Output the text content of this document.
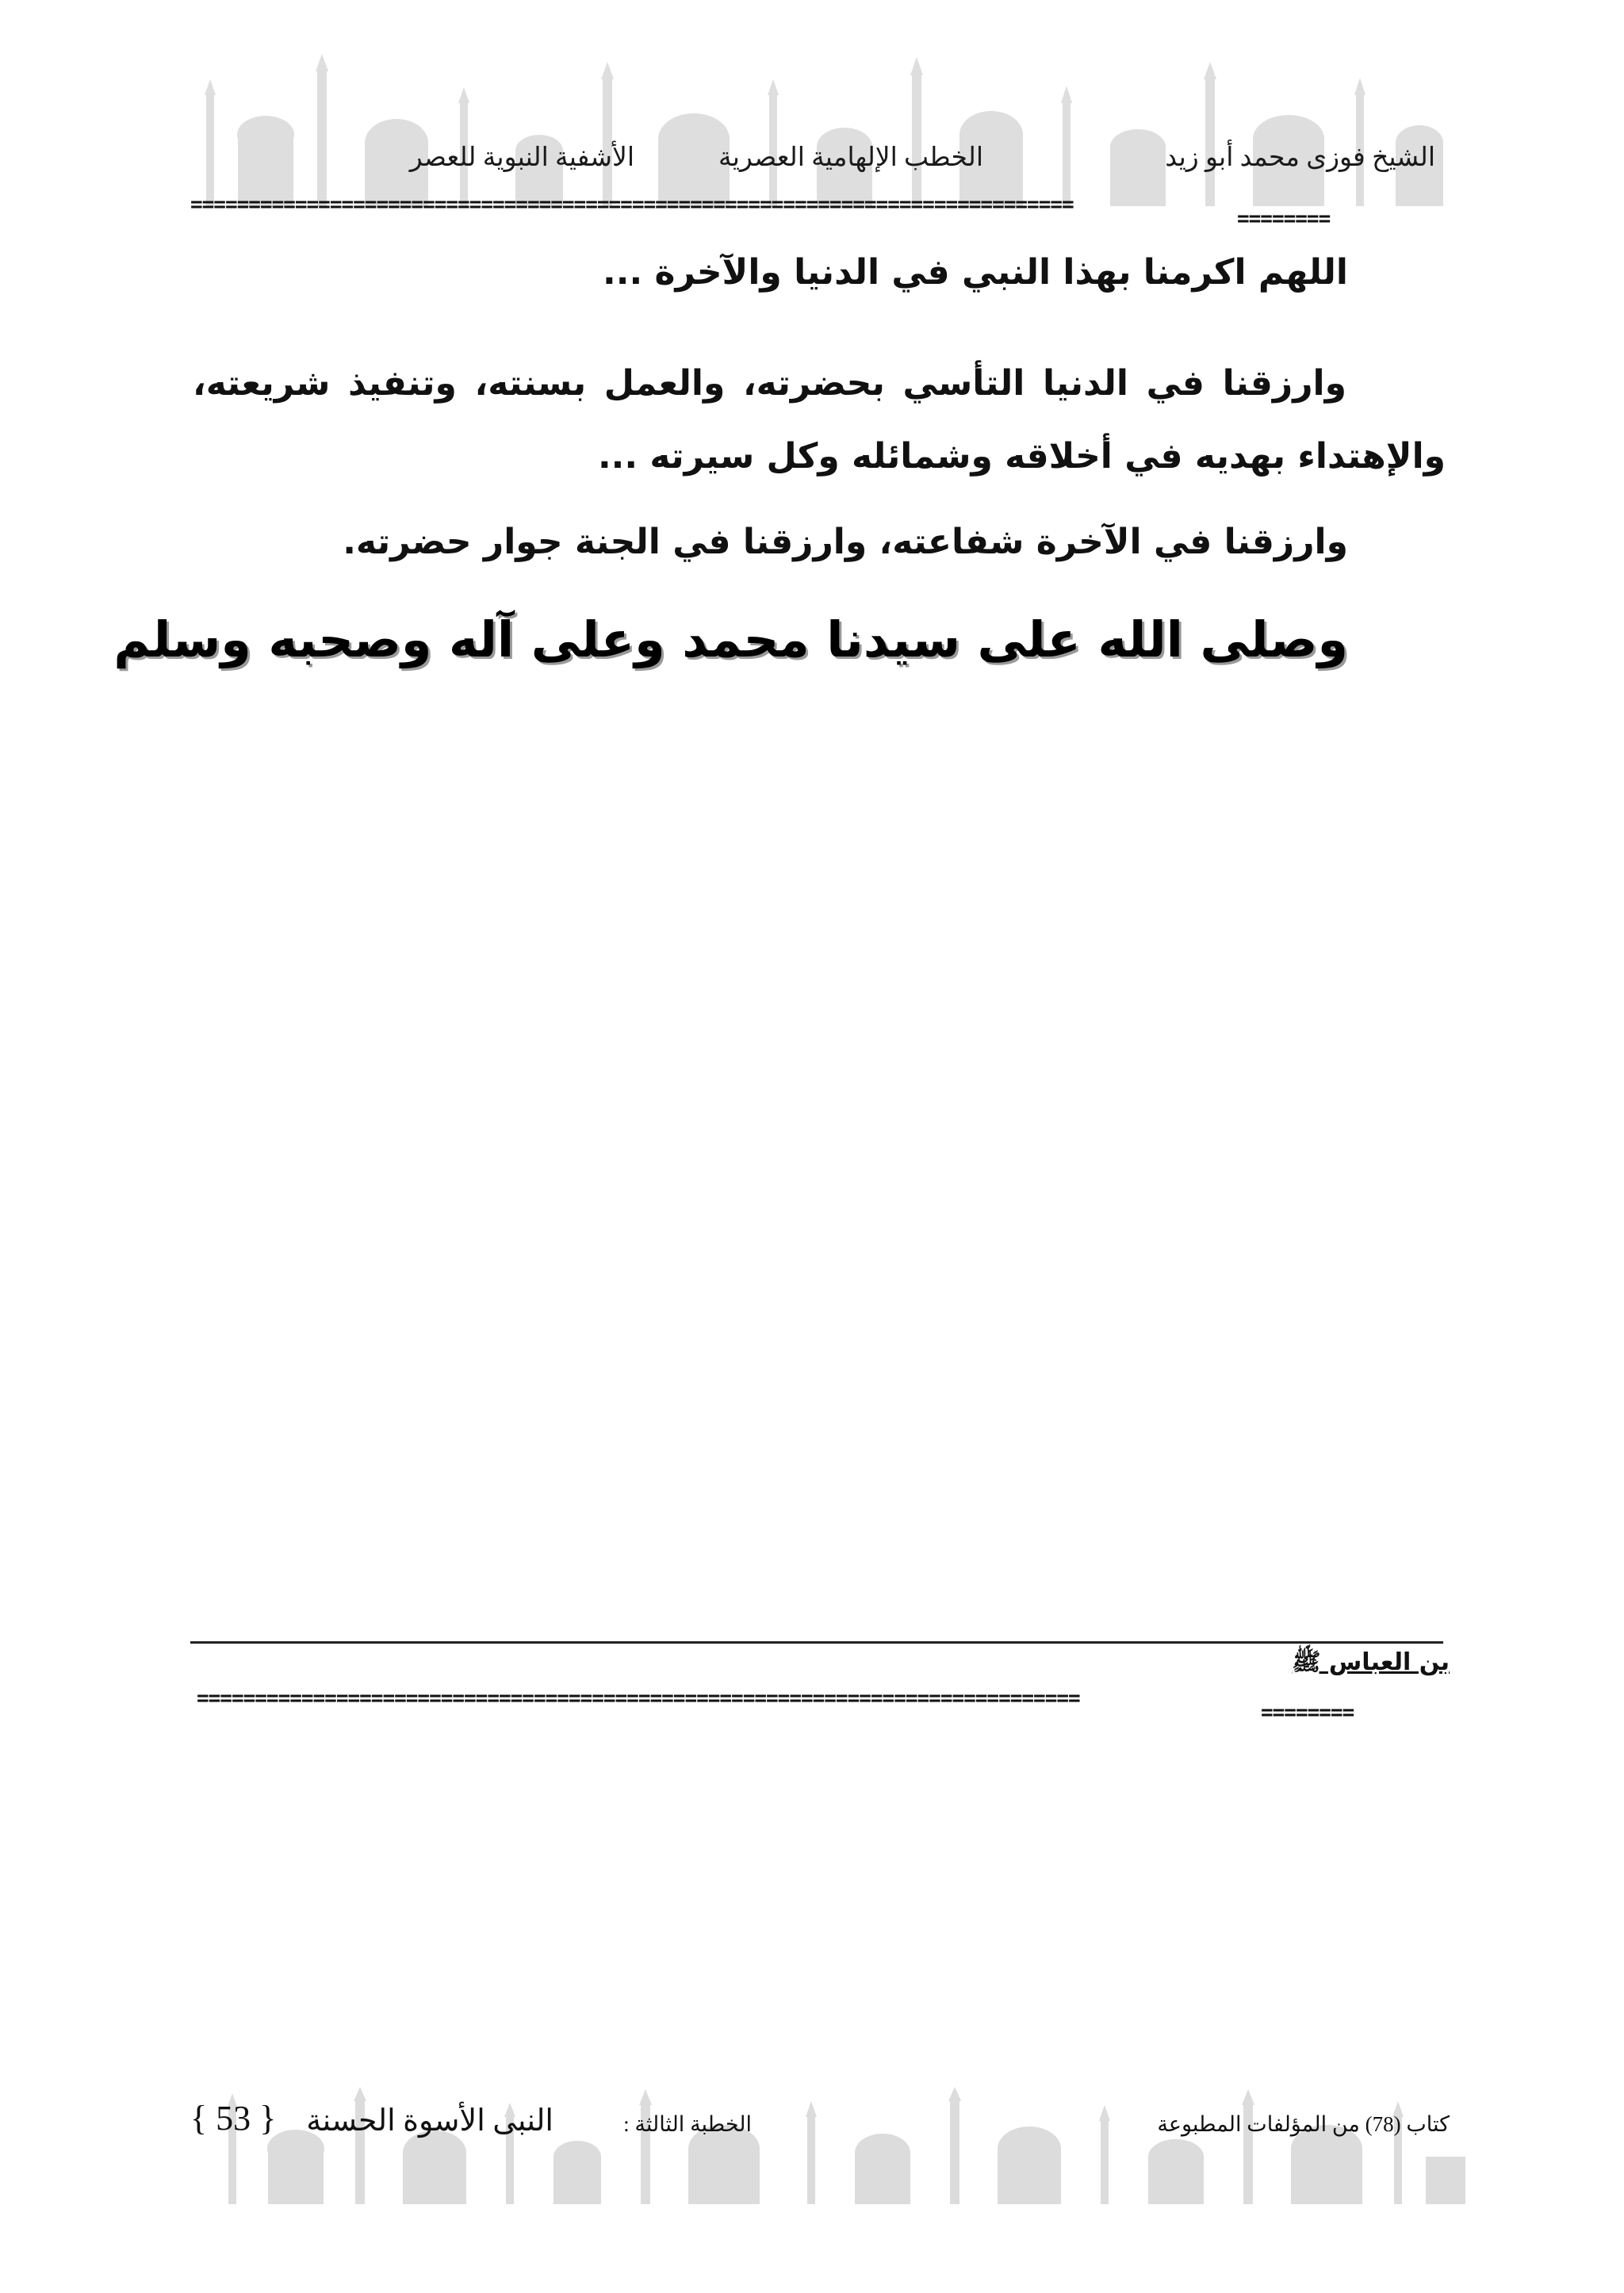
الشيخ فوزى محمد أبو زيد
الخطب الإلهامية العصرية
الأشفية النبوية للعصر
============================================================================
========
اللهم اكرمنا بهذا النبي في الدنيا والآخرة ...
وارزقنا في الدنيا التأسي بحضرته، والعمل بسنته، وتنفيذ شريعته، والإهتداء بهديه في أخلاقه وشمائله وكل سيرته ...
وارزقنا في الآخرة شفاعته، وارزقنا في الجنة جوار حضرته.
وصلى الله على سيدنا محمد وعلى آله وصحبه وسلم
بن العباس ﷺ
============================================================================
========
كتاب (78) من المؤلفات المطبوعة
الخطبة الثالثة :
النبى الأسوة الحسنة
{ 53 }
